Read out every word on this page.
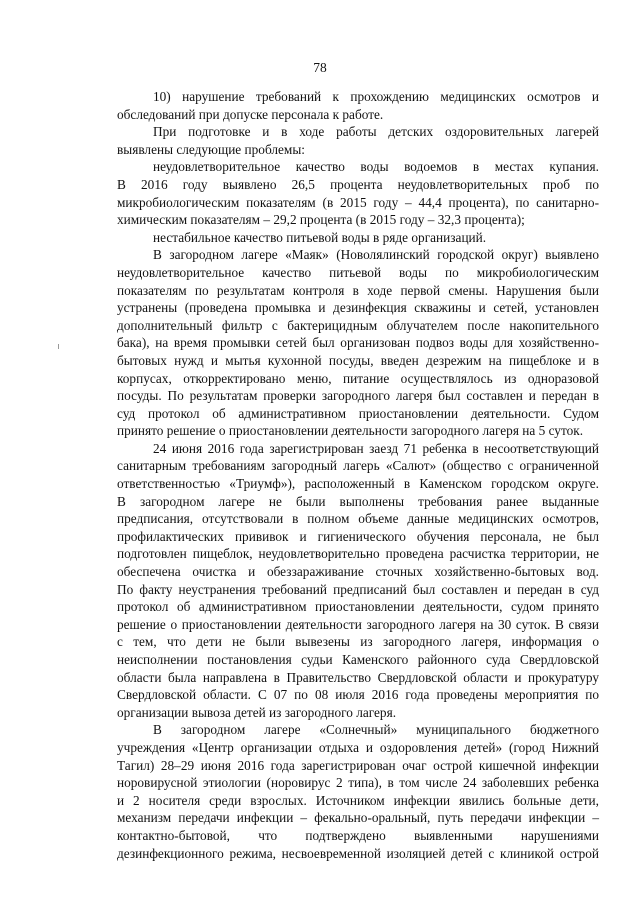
78
10) нарушение требований к прохождению медицинских осмотров и
обследований при допуске персонала к работе.
При подготовке и в ходе работы детских оздоровительных лагерей
выявлены следующие проблемы:
неудовлетворительное качество воды водоемов в местах купания.
В 2016 году выявлено 26,5 процента неудовлетворительных проб по
микробиологическим показателям (в 2015 году – 44,4 процента), по санитарно-
химическим показателям – 29,2 процента (в 2015 году – 32,3 процента);
нестабильное качество питьевой воды в ряде организаций.
В загородном лагере «Маяк» (Новолялинский городской округ) выявлено
неудовлетворительное качество питьевой воды по микробиологическим
показателям по результатам контроля в ходе первой смены. Нарушения были
устранены (проведена промывка и дезинфекция скважины и сетей, установлен
дополнительный фильтр с бактерицидным облучателем после накопительного
бака), на время промывки сетей был организован подвоз воды для хозяйственно-
бытовых нужд и мытья кухонной посуды, введен дезрежим на пищеблоке и в
корпусах, откорректировано меню, питание осуществлялось из одноразовой
посуды. По результатам проверки загородного лагеря был составлен и передан в
суд протокол об административном приостановлении деятельности. Судом
принято решение о приостановлении деятельности загородного лагеря на 5 суток.
24 июня 2016 года зарегистрирован заезд 71 ребенка в несоответствующий
санитарным требованиям загородный лагерь «Салют» (общество с ограниченной
ответственностью «Триумф»), расположенный в Каменском городском округе.
В загородном лагере не были выполнены требования ранее выданные
предписания, отсутствовали в полном объеме данные медицинских осмотров,
профилактических прививок и гигиенического обучения персонала, не был
подготовлен пищеблок, неудовлетворительно проведена расчистка территории, не
обеспечена очистка и обеззараживание сточных хозяйственно-бытовых вод.
По факту неустранения требований предписаний был составлен и передан в суд
протокол об административном приостановлении деятельности, судом принято
решение о приостановлении деятельности загородного лагеря на 30 суток. В связи
с тем, что дети не были вывезены из загородного лагеря, информация о
неисполнении постановления судьи Каменского районного суда Свердловской
области была направлена в Правительство Свердловской области и прокуратуру
Свердловской области. С 07 по 08 июля 2016 года проведены мероприятия по
организации вывоза детей из загородного лагеря.
В загородном лагере «Солнечный» муниципального бюджетного
учреждения «Центр организации отдыха и оздоровления детей» (город Нижний
Тагил) 28–29 июня 2016 года зарегистрирован очаг острой кишечной инфекции
норовирусной этиологии (норовирус 2 типа), в том числе 24 заболевших ребенка
и 2 носителя среди взрослых. Источником инфекции явились больные дети,
механизм передачи инфекции – фекально-оральный, путь передачи инфекции –
контактно-бытовой, что подтверждено выявленными нарушениями
дезинфекционного режима, несвоевременной изоляцией детей с клиникой острой
